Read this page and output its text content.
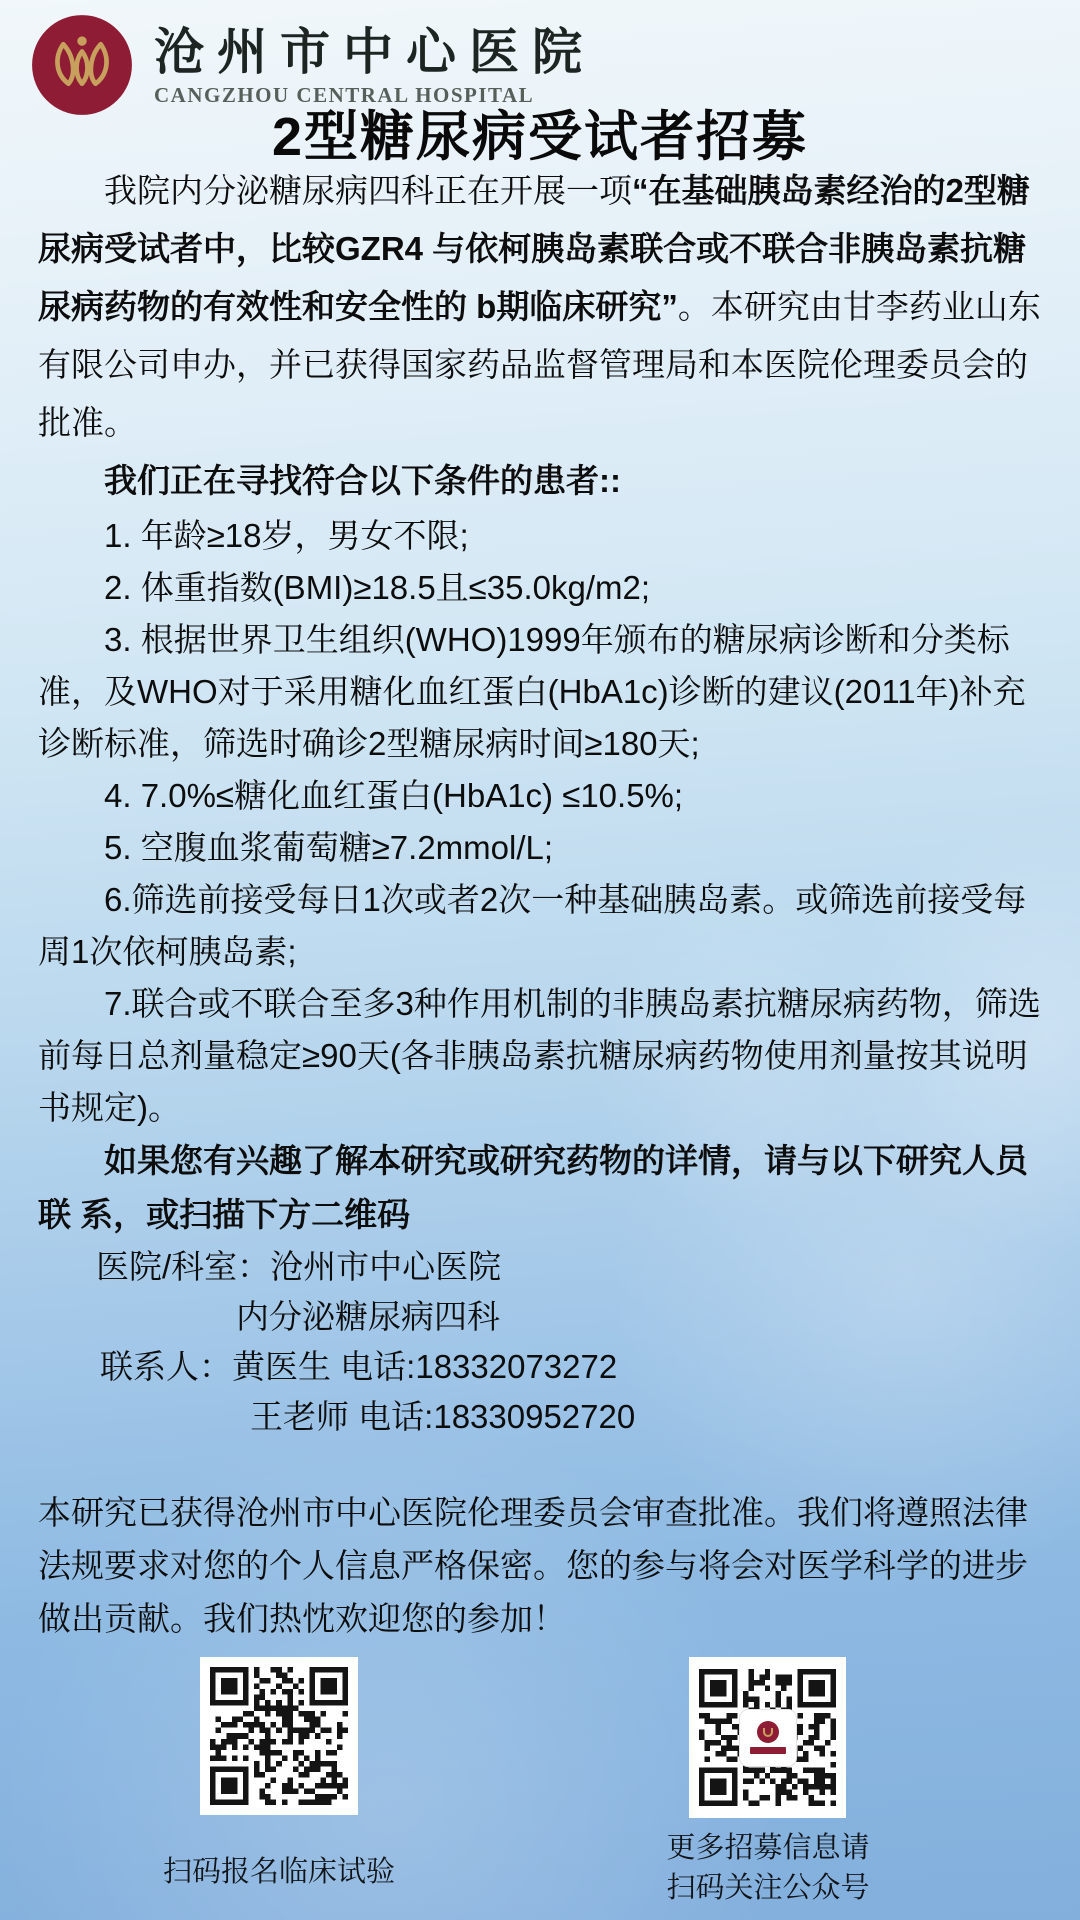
沧州市中心医院
CANGZHOU CENTRAL HOSPITAL
2型糖尿病受试者招募

我院内分泌糖尿病四科正在开展一项“在基础胰岛素经治的2型糖尿病受试者中，比较GZR4 与依柯胰岛素联合或不联合非胰岛素抗糖尿病药物的有效性和安全性的 b期临床研究”。本研究由甘李药业山东有限公司申办，并已获得国家药品监督管理局和本医院伦理委员会的批准。

我们正在寻找符合以下条件的患者::

1. 年龄≥18岁，男女不限;

2. 体重指数(BMI)≥18.5且≤35.0kg/m2;

3. 根据世界卫生组织(WHO)1999年颁布的糖尿病诊断和分类标准，及WHO对于采用糖化血红蛋白(HbA1c)诊断的建议(2011年)补充诊断标准，筛选时确诊2型糖尿病时间≥180天;

4. 7.0%≤糖化血红蛋白(HbA1c) ≤10.5%;

5. 空腹血浆葡萄糖≥7.2mmol/L;

6.筛选前接受每日1次或者2次一种基础胰岛素。或筛选前接受每周1次依柯胰岛素;

7.联合或不联合至多3种作用机制的非胰岛素抗糖尿病药物，筛选前每日总剂量稳定≥90天(各非胰岛素抗糖尿病药物使用剂量按其说明书规定)。

如果您有兴趣了解本研究或研究药物的详情，请与以下研究人员联 系，或扫描下方二维码

医院/科室：沧州市中心医院

内分泌糖尿病四科

联系人：黄医生 电话:18332073272

王老师 电话:18330952720

本研究已获得沧州市中心医院伦理委员会审查批准。我们将遵照法律法规要求对您的个人信息严格保密。您的参与将会对医学科学的进步做出贡献。我们热忱欢迎您的参加！

扫码报名临床试验
更多招募信息请
扫码关注公众号
